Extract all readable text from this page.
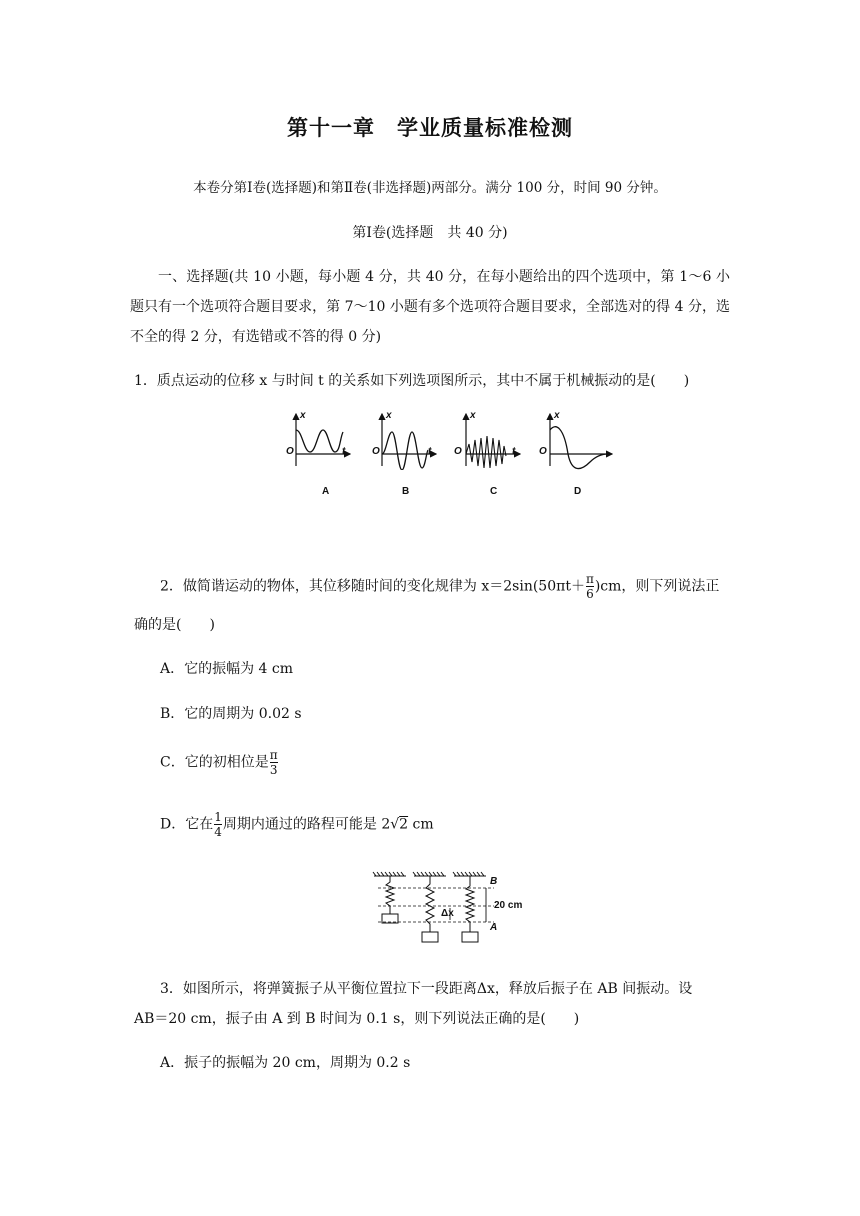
第十一章　学业质量标准检测
本卷分第Ⅰ卷(选择题)和第Ⅱ卷(非选择题)两部分。满分 100 分，时间 90 分钟。
第Ⅰ卷(选择题　共 40 分)
一、选择题(共 10 小题，每小题 4 分，共 40 分，在每小题给出的四个选项中，第 1～6 小题只有一个选项符合题目要求，第 7～10 小题有多个选项符合题目要求，全部选对的得 4 分，选不全的得 2 分，有选错或不答的得 0 分)
1．质点运动的位移 x 与时间 t 的关系如下列选项图所示，其中不属于机械振动的是(　　)
x
O	t
A
x
O	t
B
x
O	t
C
x
O
D
2．做简谐运动的物体，其位移随时间的变化规律为 $x=2\sin(50\pi t+ \frac{\pi}{6} )cm$，则下列说法正
确的是(　　)
A．它的振幅为 4 cm
B．它的周期为 0.02 s
C．它的初相位是 $\frac{\pi}{3}$
D．它在 $\frac{1}{4}$ 周期内通过的路程可能是 2√2 cm
B
A
20 cm
Δx
3．如图所示，将弹簧振子从平衡位置拉下一段距离Δx，释放后振子在 AB 间振动。设
AB＝20 cm，振子由 A 到 B 时间为 0.1 s，则下列说法正确的是(　　)
A．振子的振幅为 20 cm，周期为 0.2 s
